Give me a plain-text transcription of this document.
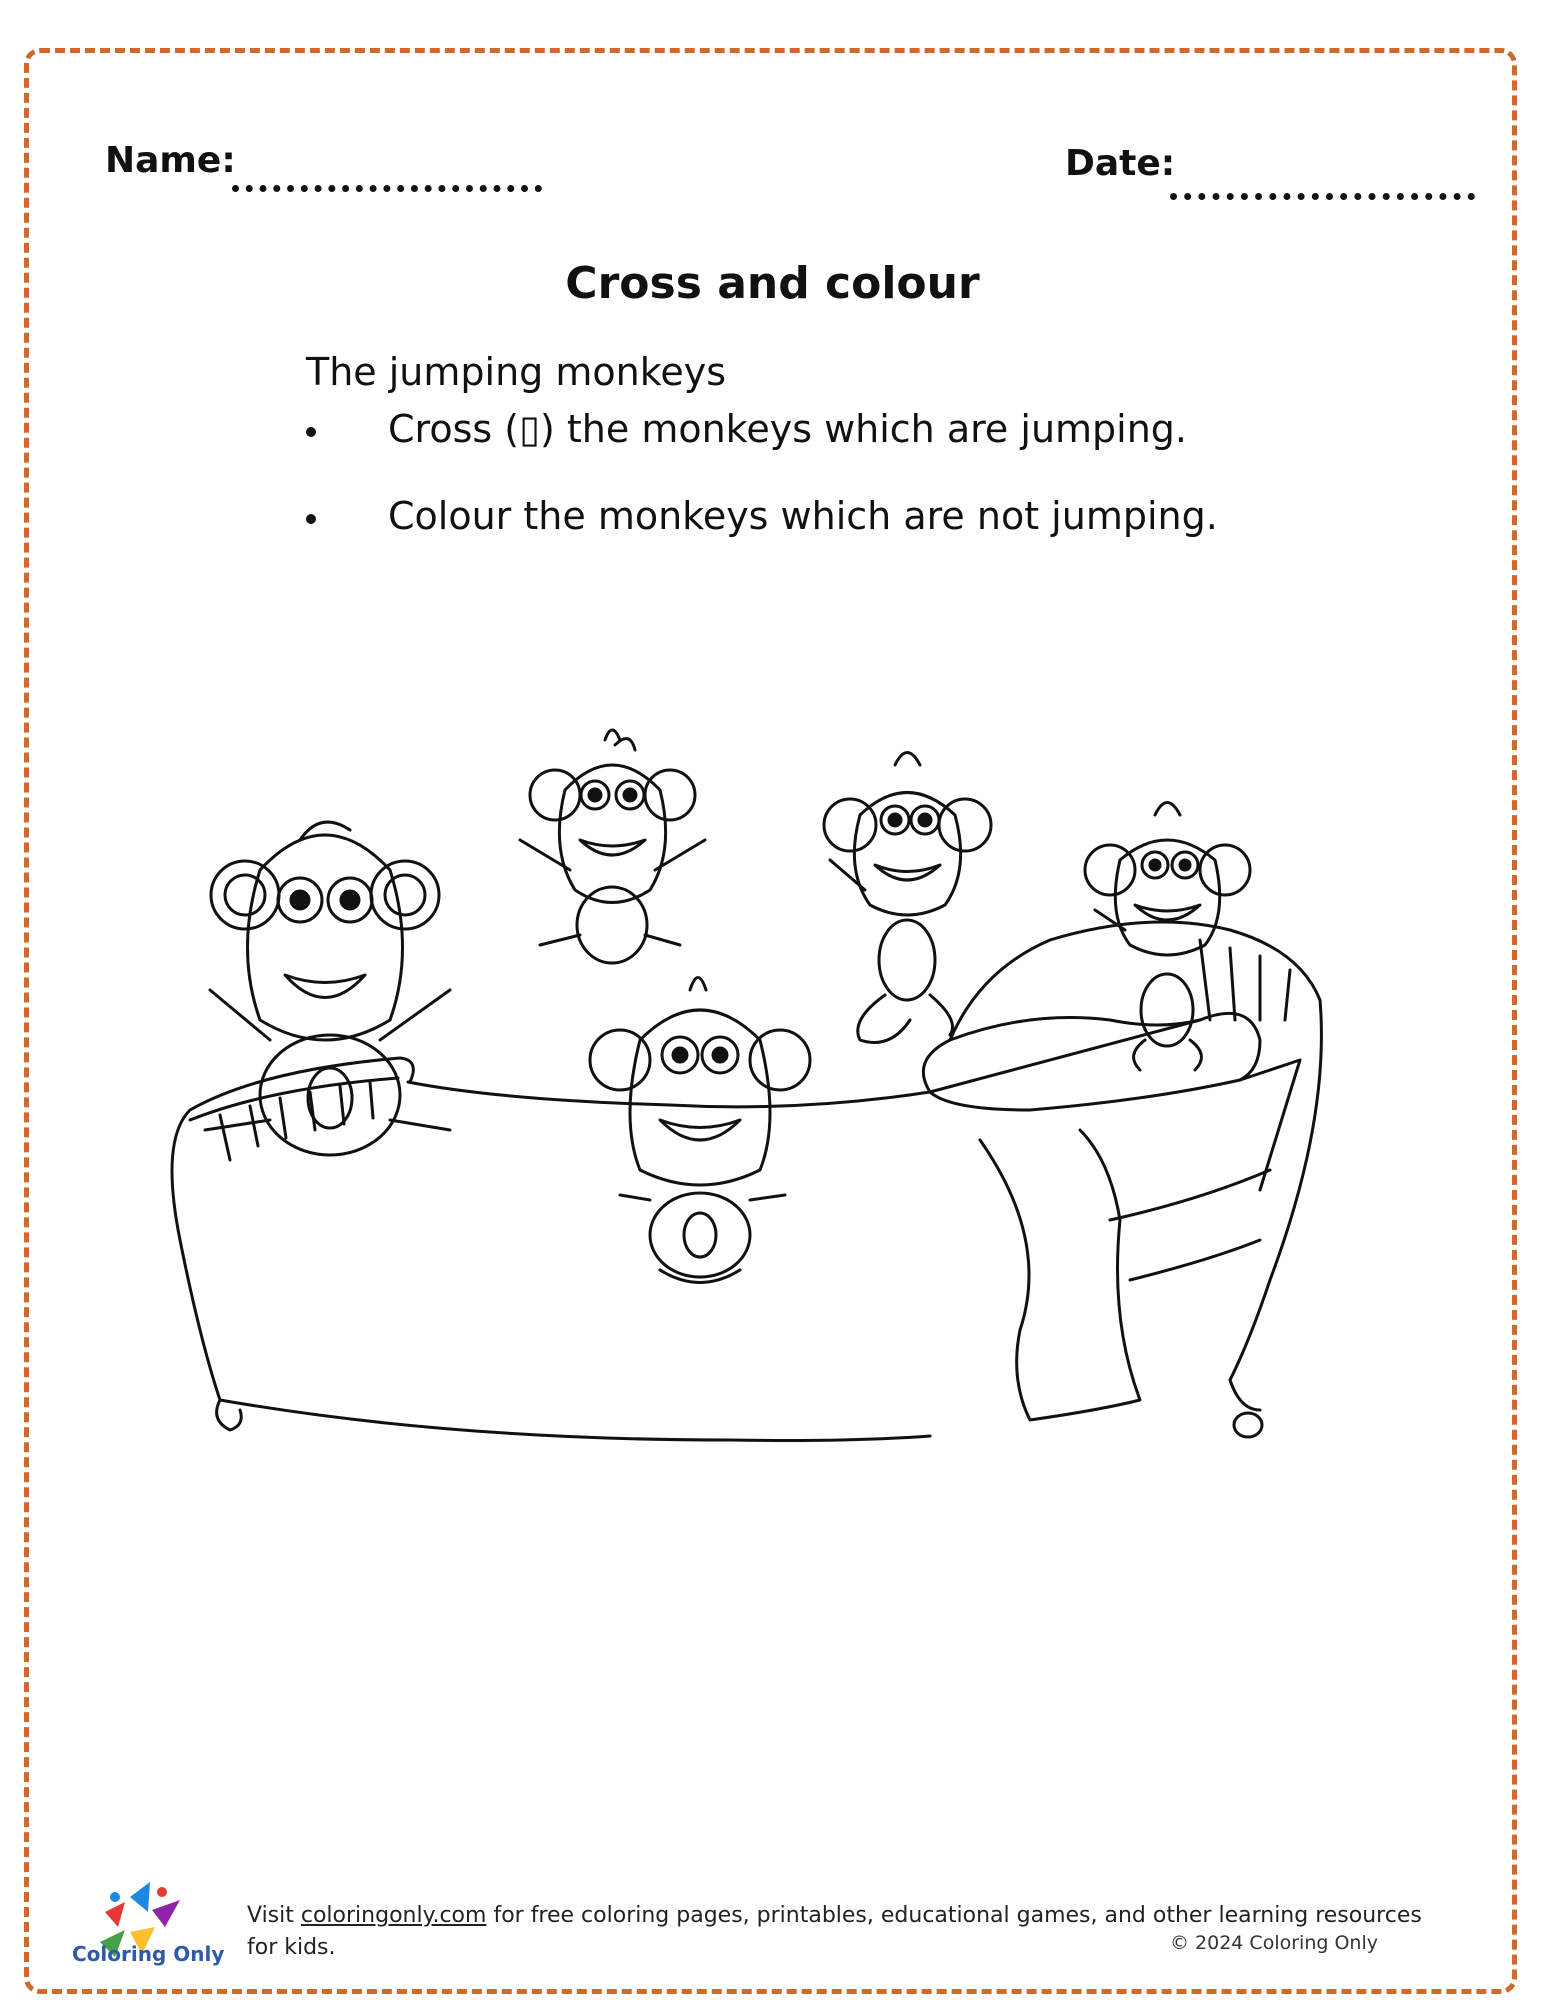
Name:	Date:
Cross and colour
The jumping monkeys
Cross (▯) the monkeys which are jumping.
Colour the monkeys which are not jumping.
Coloring Only
Visit coloringonly.com for free coloring pages, printables, educational games, and other learning resources for kids.	© 2024 Coloring Only
